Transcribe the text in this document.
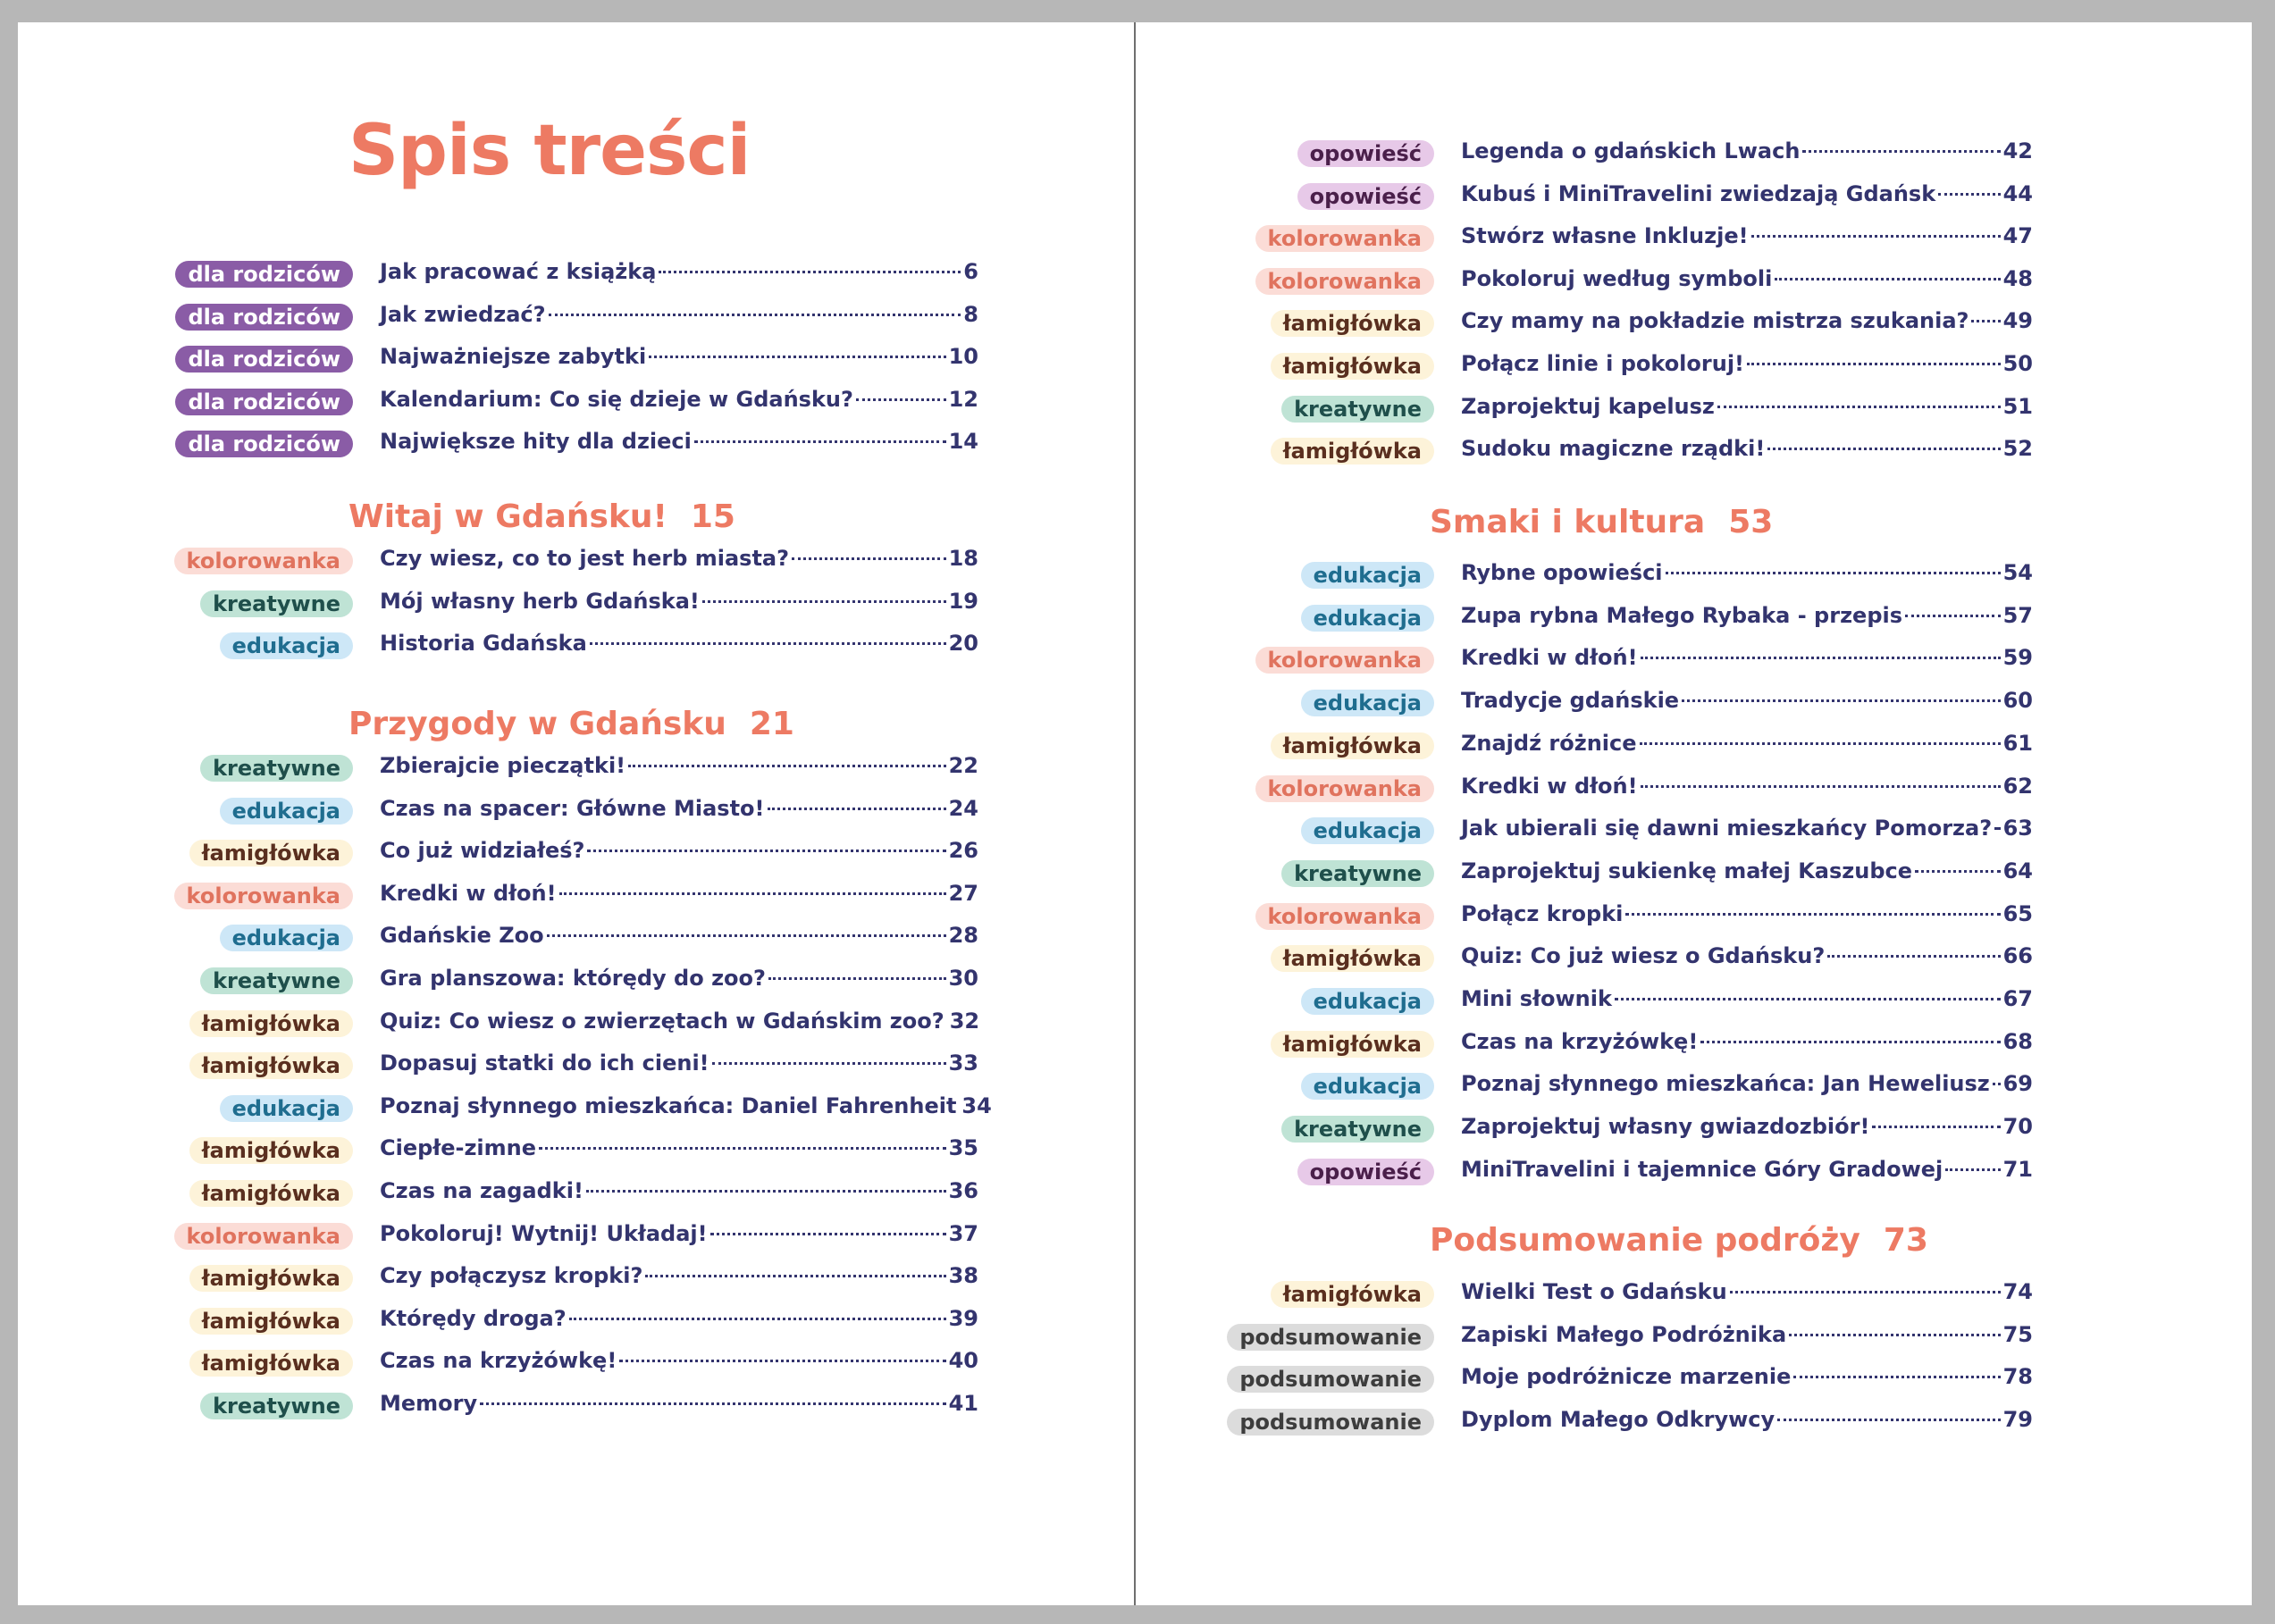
Spis treści
dla rodziców	Jak pracować z książką	6
dla rodziców	Jak zwiedzać?	8
dla rodziców	Najważniejsze zabytki	10
dla rodziców	Kalendarium: Co się dzieje w Gdańsku?	12
dla rodziców	Największe hity dla dzieci	14
Witaj w Gdańsku! 15
kolorowanka	Czy wiesz, co to jest herb miasta?	18
kreatywne	Mój własny herb Gdańska!	19
edukacja	Historia Gdańska	20
Przygody w Gdańsku 21
kreatywne	Zbierajcie pieczątki!	22
edukacja	Czas na spacer: Główne Miasto!	24
łamigłówka	Co już widziałeś?	26
kolorowanka	Kredki w dłoń!	27
edukacja	Gdańskie Zoo	28
kreatywne	Gra planszowa: którędy do zoo?	30
łamigłówka	Quiz: Co wiesz o zwierzętach w Gdańskim zoo? 32
łamigłówka	Dopasuj statki do ich cieni!	33
edukacja	Poznaj słynnego mieszkańca: Daniel Fahrenheit 34
łamigłówka	Ciepłe-zimne	35
łamigłówka	Czas na zagadki!	36
kolorowanka	Pokoloruj! Wytnij! Układaj!	37
łamigłówka	Czy połączysz kropki?	38
łamigłówka	Którędy droga?	39
łamigłówka	Czas na krzyżówkę!	40
kreatywne	Memory	41
opowieść	Legenda o gdańskich Lwach	42
opowieść	Kubuś i MiniTravelini zwiedzają Gdańsk	44
kolorowanka	Stwórz własne Inkluzje!	47
kolorowanka	Pokoloruj według symboli	48
łamigłówka	Czy mamy na pokładzie mistrza szukania? 49
łamigłówka	Połącz linie i pokoloruj!	50
kreatywne	Zaprojektuj kapelusz	51
łamigłówka	Sudoku magiczne rządki!	52
Smaki i kultura 53
edukacja	Rybne opowieści	54
edukacja	Zupa rybna Małego Rybaka - przepis	57
kolorowanka	Kredki w dłoń!	59
edukacja	Tradycje gdańskie	60
łamigłówka	Znajdź różnice	61
kolorowanka	Kredki w dłoń!	62
edukacja	Jak ubierali się dawni mieszkańcy Pomorza? 63
kreatywne	Zaprojektuj sukienkę małej Kaszubce	64
kolorowanka	Połącz kropki	65
łamigłówka	Quiz: Co już wiesz o Gdańsku?	66
edukacja	Mini słownik	67
łamigłówka	Czas na krzyżówkę!	68
edukacja	Poznaj słynnego mieszkańca: Jan Heweliusz 69
kreatywne	Zaprojektuj własny gwiazdozbiór!	70
opowieść	MiniTravelini i tajemnice Góry Gradowej	71
Podsumowanie podróży 73
łamigłówka	Wielki Test o Gdańsku	74
podsumowanie	Zapiski Małego Podróżnika	75
podsumowanie	Moje podróżnicze marzenie	78
podsumowanie	Dyplom Małego Odkrywcy	79
